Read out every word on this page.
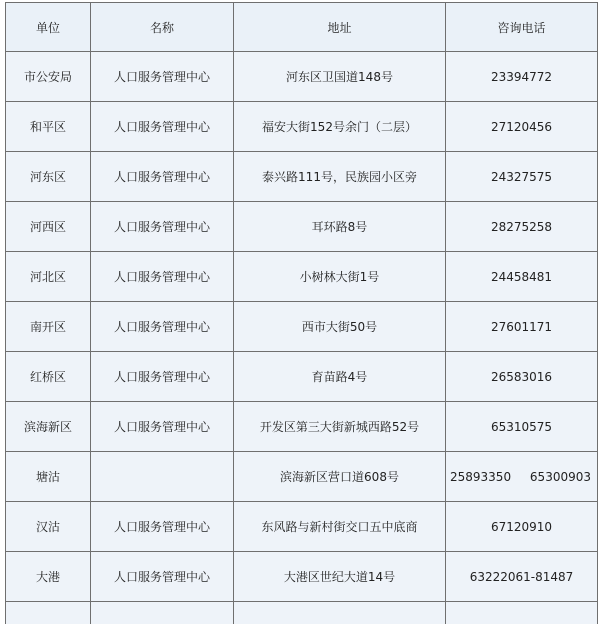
单位	名称	地址	咨询电话
市公安局	人口服务管理中心	河东区卫国道148号	23394772
和平区	人口服务管理中心	福安大街152号余门（二层）	27120456
河东区	人口服务管理中心	泰兴路111号，民族园小区旁	24327575
河西区	人口服务管理中心	耳环路8号	28275258
河北区	人口服务管理中心	小树林大街1号	24458481
南开区	人口服务管理中心	西市大街50号	27601171
红桥区	人口服务管理中心	育苗路4号	26583016
滨海新区	人口服务管理中心	开发区第三大街新城西路52号	65310575
塘沽		滨海新区营口道608号	25893350 65300903

汉沽	人口服务管理中心	东风路与新村街交口五中底商	67120910
大港	人口服务管理中心	大港区世纪大道14号	63222061-81487
